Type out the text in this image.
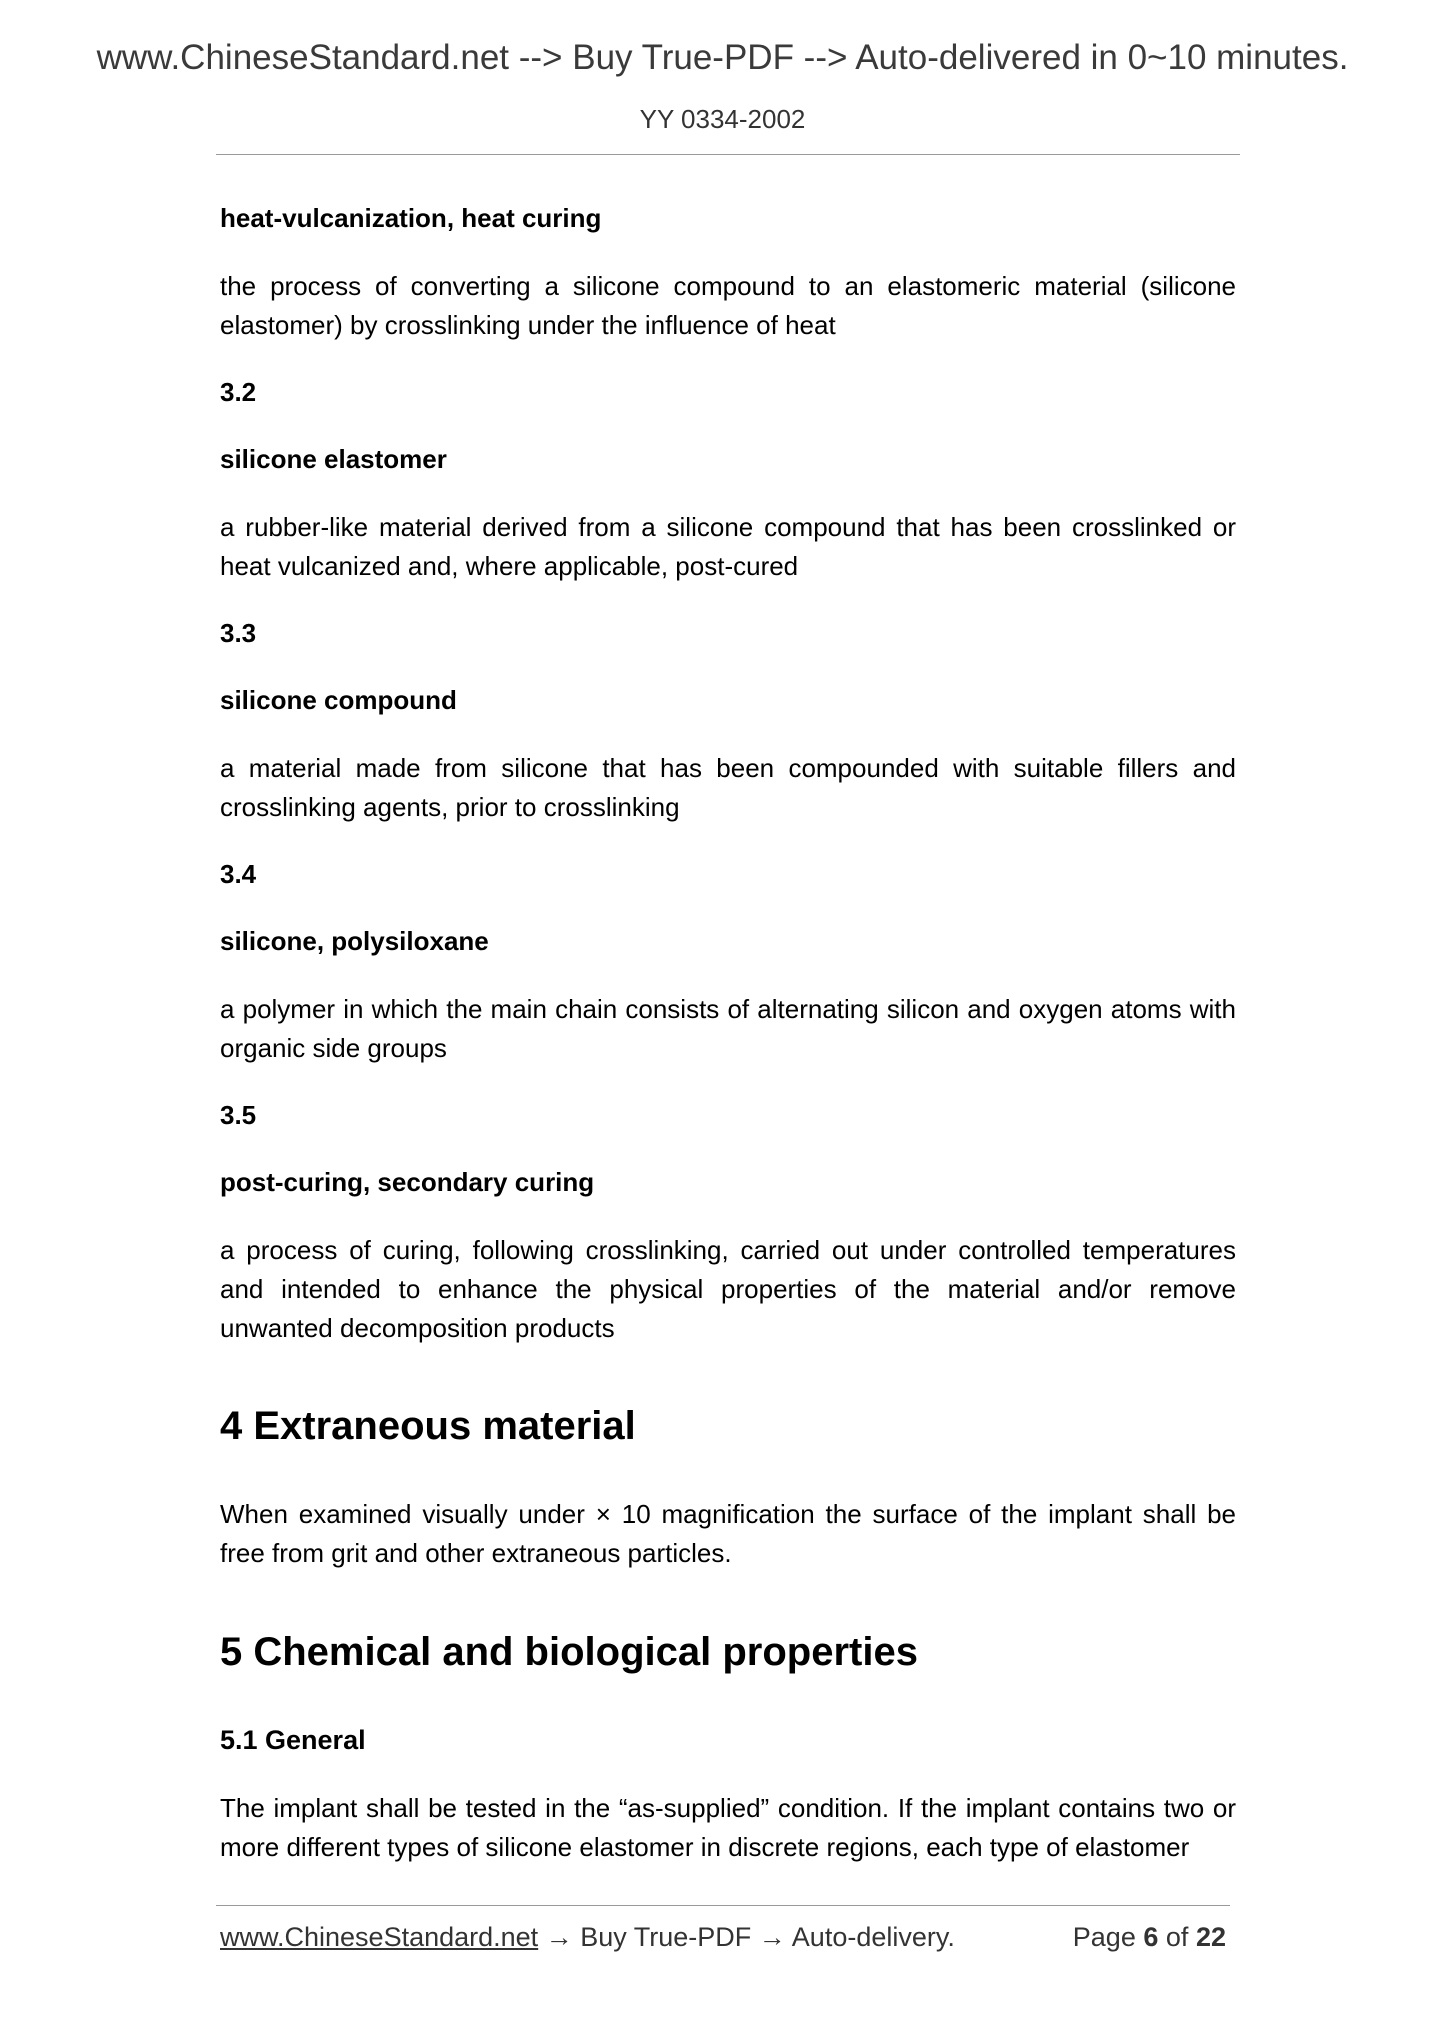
www.ChineseStandard.net --> Buy True-PDF --> Auto-delivered in 0~10 minutes.
YY 0334-2002
heat-vulcanization, heat curing
the process of converting a silicone compound to an elastomeric material (silicone elastomer) by crosslinking under the influence of heat
3.2
silicone elastomer
a rubber-like material derived from a silicone compound that has been crosslinked or heat vulcanized and, where applicable, post-cured
3.3
silicone compound
a material made from silicone that has been compounded with suitable fillers and crosslinking agents, prior to crosslinking
3.4
silicone, polysiloxane
a polymer in which the main chain consists of alternating silicon and oxygen atoms with organic side groups
3.5
post-curing, secondary curing
a process of curing, following crosslinking, carried out under controlled temperatures and intended to enhance the physical properties of the material and/or remove unwanted decomposition products
4 Extraneous material
When examined visually under × 10 magnification the surface of the implant shall be free from grit and other extraneous particles.
5 Chemical and biological properties
5.1 General
The implant shall be tested in the “as-supplied” condition. If the implant contains two or more different types of silicone elastomer in discrete regions, each type of elastomer
www.ChineseStandard.net → Buy True-PDF → Auto-delivery.	Page 6 of 22
